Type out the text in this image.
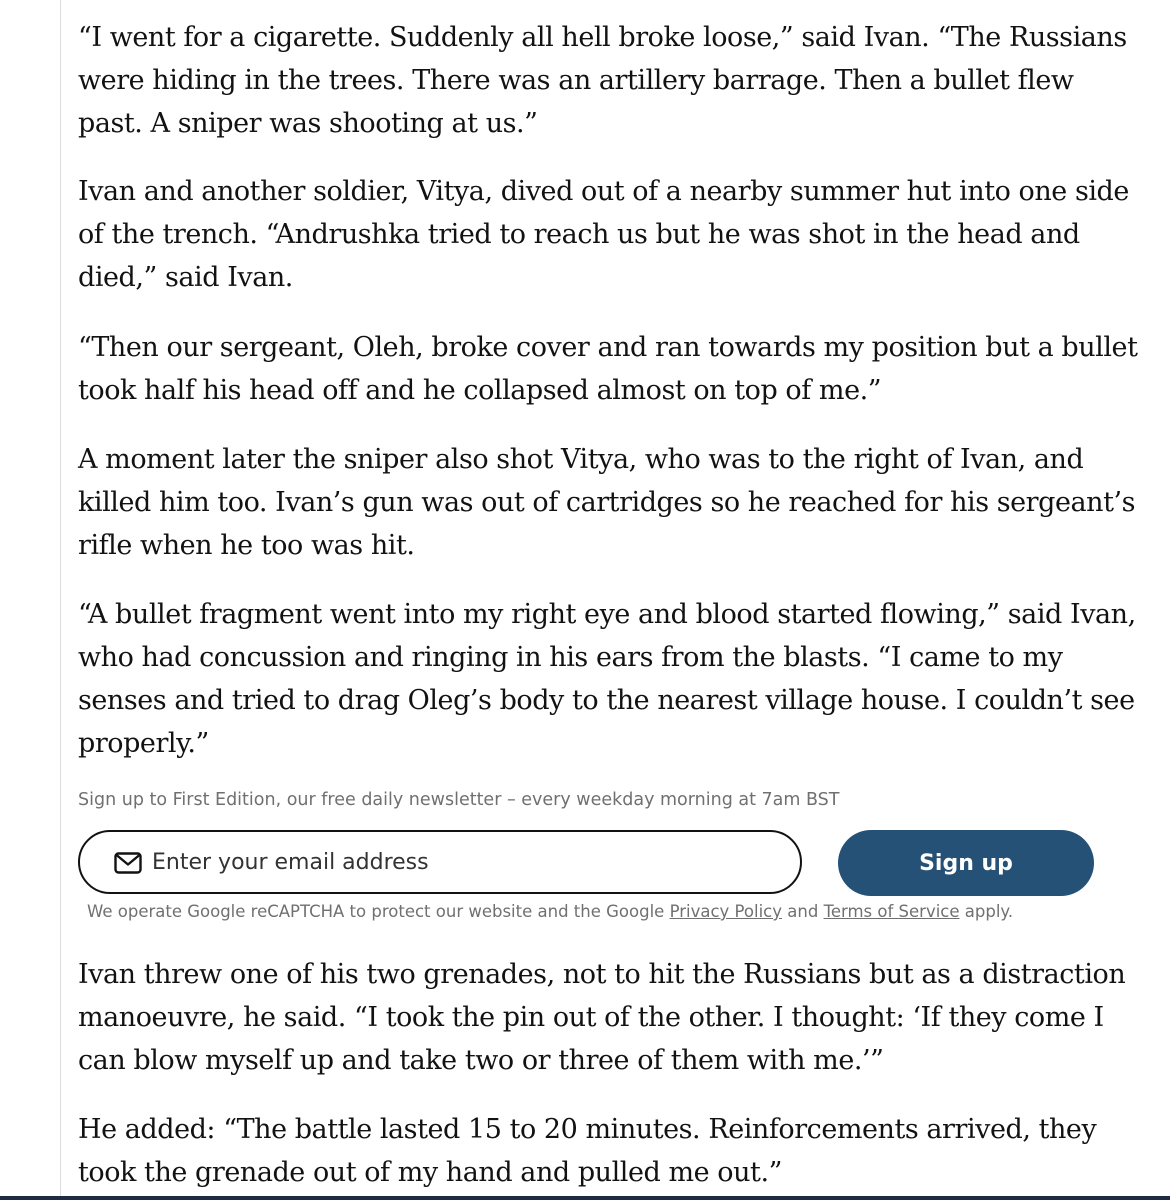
“I went for a cigarette. Suddenly all hell broke loose,” said Ivan. “The Russians were hiding in the trees. There was an artillery barrage. Then a bullet flew past. A sniper was shooting at us.”

Ivan and another soldier, Vitya, dived out of a nearby summer hut into one side of the trench. “Andrushka tried to reach us but he was shot in the head and died,” said Ivan.

“Then our sergeant, Oleh, broke cover and ran towards my position but a bullet took half his head off and he collapsed almost on top of me.”

A moment later the sniper also shot Vitya, who was to the right of Ivan, and killed him too. Ivan’s gun was out of cartridges so he reached for his sergeant’s rifle when he too was hit.

“A bullet fragment went into my right eye and blood started flowing,” said Ivan, who had concussion and ringing in his ears from the blasts. “I came to my senses and tried to drag Oleg’s body to the nearest village house. I couldn’t see properly.”

Ivan threw one of his two grenades, not to hit the Russians but as a distraction manoeuvre, he said. “I took the pin out of the other. I thought: ‘If they come I can blow myself up and take two or three of them with me.’”

He added: “The battle lasted 15 to 20 minutes. Reinforcements arrived, they took the grenade out of my hand and pulled me out.”

Sign up to First Edition, our free daily newsletter – every weekday morning at 7am BST
Enter your email address
Sign up
We operate Google reCAPTCHA to protect our website and the Google Privacy Policy and Terms of Service apply.
